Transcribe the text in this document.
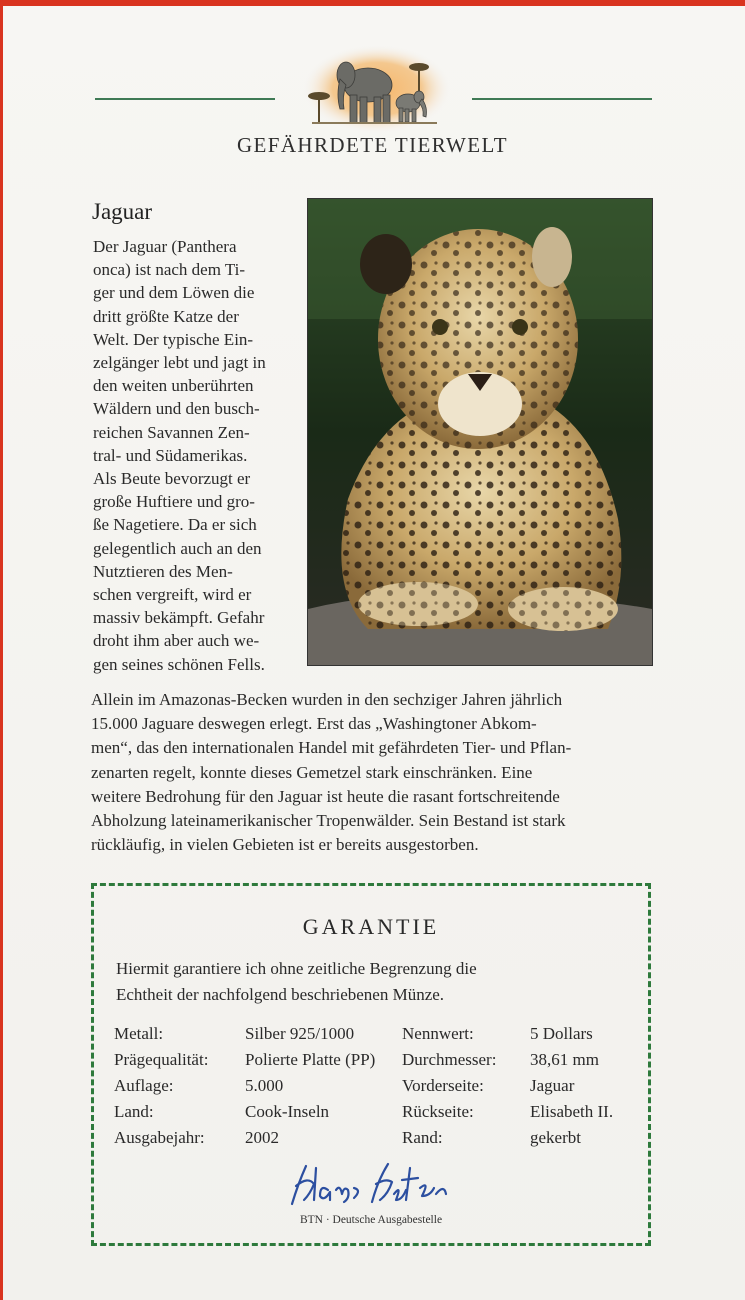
GEFÄHRDETE TIERWELT
Jaguar
Der Jaguar (Panthera
onca) ist nach dem Ti-
ger und dem Löwen die
dritt größte Katze der
Welt. Der typische Ein-
zelgänger lebt und jagt in
den weiten unberührten
Wäldern und den busch-
reichen Savannen Zen-
tral- und Südamerikas.
Als Beute bevorzugt er
große Huftiere und gro-
ße Nagetiere. Da er sich
gelegentlich auch an den
Nutztieren des Men-
schen vergreift, wird er
massiv bekämpft. Gefahr
droht ihm aber auch we-
gen seines schönen Fells.
Allein im Amazonas-Becken wurden in den sechziger Jahren jährlich
15.000 Jaguare deswegen erlegt. Erst das „Washingtoner Abkom-
men“, das den internationalen Handel mit gefährdeten Tier- und Pflan-
zenarten regelt, konnte dieses Gemetzel stark einschränken. Eine
weitere Bedrohung für den Jaguar ist heute die rasant fortschreitende
Abholzung lateinamerikanischer Tropenwälder. Sein Bestand ist stark
rückläufig, in vielen Gebieten ist er bereits ausgestorben.
GARANTIE
Hiermit garantiere ich ohne zeitliche Begrenzung die
Echtheit der nachfolgend beschriebenen Münze.
Metall:	Silber 925/1000	Nennwert:	5 Dollars
Prägequalität: Polierte Platte (PP) Durchmesser: 38,61 mm
Auflage:	5.000	Vorderseite:	Jaguar
Land:	Cook-Inseln	Rückseite:	Elisabeth II.
Ausgabejahr: 2002	Rand:	gekerbt
BTN · Deutsche Ausgabestelle
